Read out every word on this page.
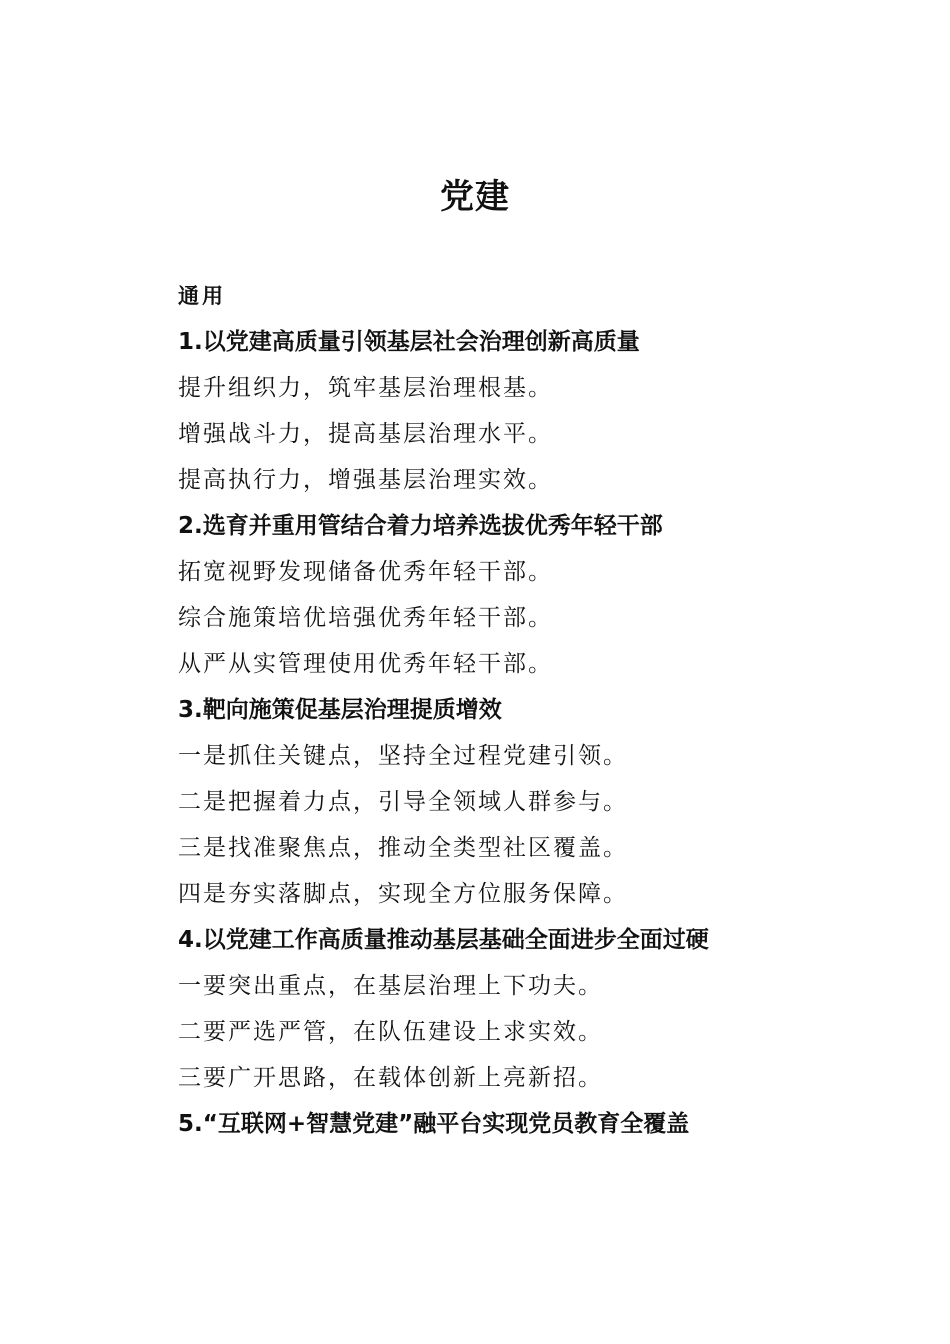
党建
通用
1.以党建高质量引领基层社会治理创新高质量
提升组织力，筑牢基层治理根基。
增强战斗力，提高基层治理水平。
提高执行力，增强基层治理实效。
2.选育并重用管结合着力培养选拔优秀年轻干部
拓宽视野发现储备优秀年轻干部。
综合施策培优培强优秀年轻干部。
从严从实管理使用优秀年轻干部。
3.靶向施策促基层治理提质增效
一是抓住关键点，坚持全过程党建引领。
二是把握着力点，引导全领域人群参与。
三是找准聚焦点，推动全类型社区覆盖。
四是夯实落脚点，实现全方位服务保障。
4.以党建工作高质量推动基层基础全面进步全面过硬
一要突出重点，在基层治理上下功夫。
二要严选严管，在队伍建设上求实效。
三要广开思路，在载体创新上亮新招。
5.“互联网+智慧党建”融平台实现党员教育全覆盖
